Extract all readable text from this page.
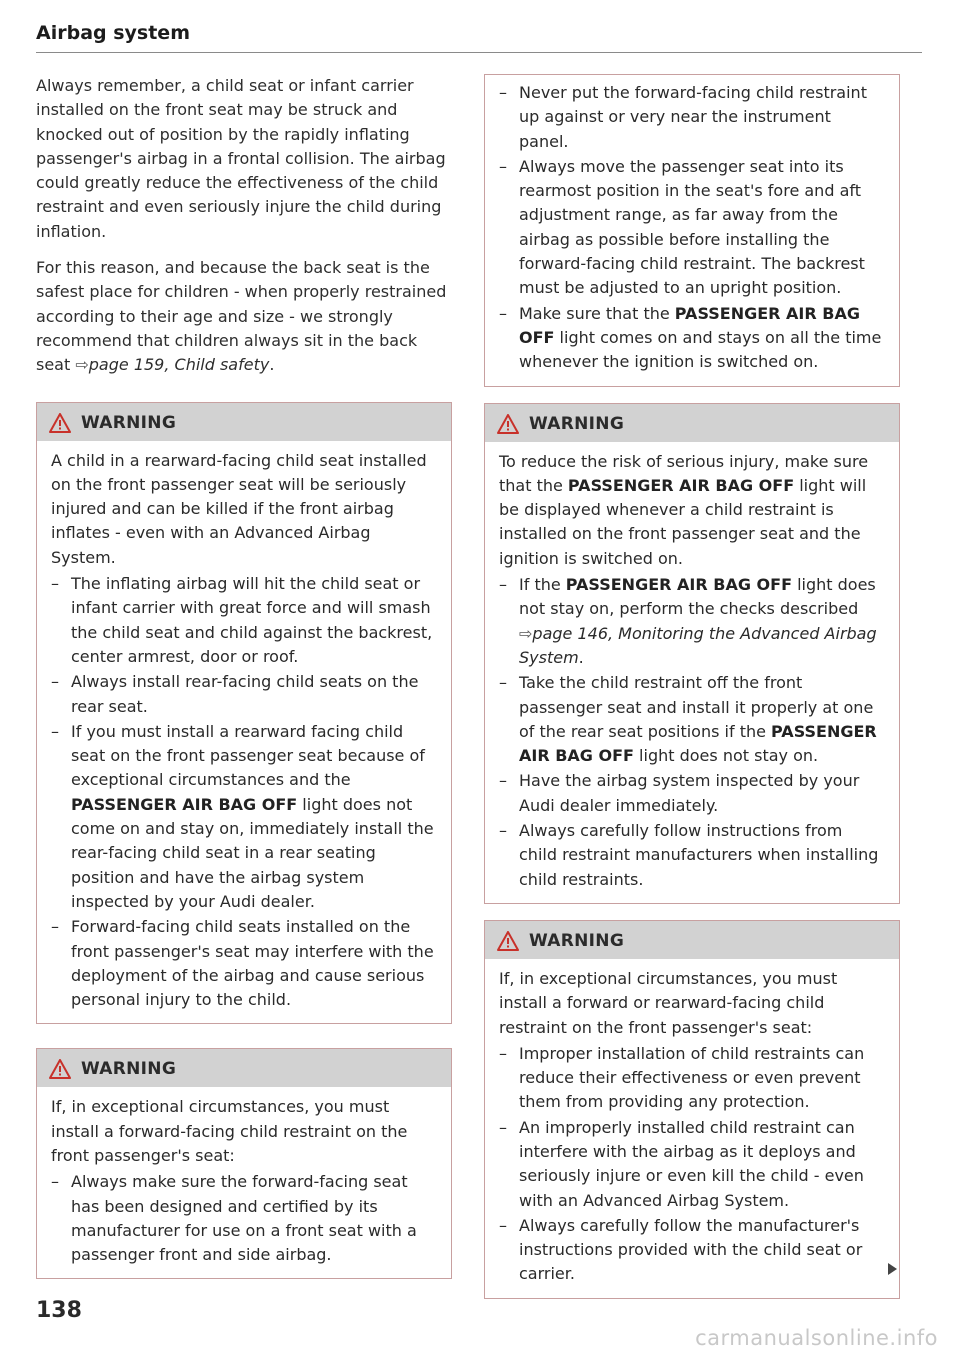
Airbag system

Always remember, a child seat or infant carrier installed on the front seat may be struck and knocked out of position by the rapidly inflating passenger's airbag in a frontal collision. The airbag could greatly reduce the effectiveness of the child restraint and even seriously injure the child during inflation.

For this reason, and because the back seat is the safest place for children - when properly restrained according to their age and size - we strongly recommend that children always sit in the back seat ⇨page 159, Child safety.

WARNING

A child in a rearward-facing child seat installed on the front passenger seat will be seriously injured and can be killed if the front airbag inflates - even with an Advanced Airbag System.

– The inflating airbag will hit the child seat or infant carrier with great force and will smash the child seat and child against the backrest, center armrest, door or roof.
– Always install rear-facing child seats on the rear seat.
– If you must install a rearward facing child seat on the front passenger seat because of exceptional circumstances and the PASSENGER AIR BAG OFF light does not come on and stay on, immediately install the rear-facing child seat in a rear seating position and have the airbag system inspected by your Audi dealer.
– Forward-facing child seats installed on the front passenger's seat may interfere with the deployment of the airbag and cause serious personal injury to the child.
WARNING

If, in exceptional circumstances, you must install a forward-facing child restraint on the front passenger's seat:

– Always make sure the forward-facing seat has been designed and certified by its manufacturer for use on a front seat with a passenger front and side airbag.
– Never put the forward-facing child restraint up against or very near the instrument panel.
– Always move the passenger seat into its rearmost position in the seat's fore and aft adjustment range, as far away from the airbag as possible before installing the forward-facing child restraint. The backrest must be adjusted to an upright position.
– Make sure that the PASSENGER AIR BAG OFF light comes on and stays on all the time whenever the ignition is switched on.
WARNING

To reduce the risk of serious injury, make sure that the PASSENGER AIR BAG OFF light will be displayed whenever a child restraint is installed on the front passenger seat and the ignition is switched on.

– If the PASSENGER AIR BAG OFF light does not stay on, perform the checks described ⇨page 146, Monitoring the Advanced Airbag System.
– Take the child restraint off the front passenger seat and install it properly at one of the rear seat positions if the PASSENGER AIR BAG OFF light does not stay on.
– Have the airbag system inspected by your Audi dealer immediately.
– Always carefully follow instructions from child restraint manufacturers when installing child restraints.
WARNING

If, in exceptional circumstances, you must install a forward or rearward-facing child restraint on the front passenger's seat:

– Improper installation of child restraints can reduce their effectiveness or even prevent them from providing any protection.
– An improperly installed child restraint can interfere with the airbag as it deploys and seriously injure or even kill the child - even with an Advanced Airbag System.
– Always carefully follow the manufacturer's instructions provided with the child seat or carrier.
138
carmanualsonline.info
